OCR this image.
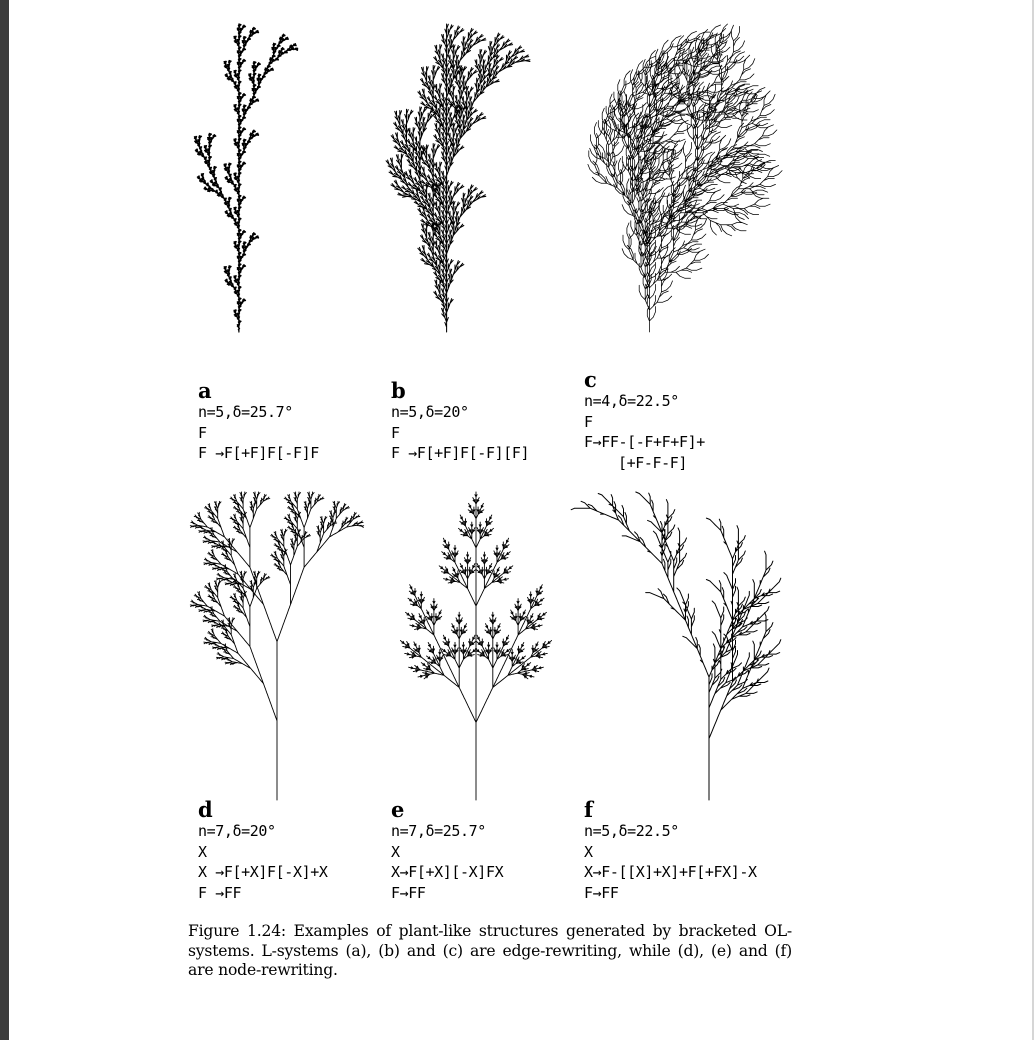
a
n=5,δ=25.7°
F
F →F[+F]F[-F]F
b
n=5,δ=20°
F
F →F[+F]F[-F][F]
c
n=4,δ=22.5°
F
F→FF-[-F+F+F]+
[+F-F-F]
d
n=7,δ=20°
X
X →F[+X]F[-X]+X
F →FF
e
n=7,δ=25.7°
X
X→F[+X][-X]FX
F→FF
f
n=5,δ=22.5°
X
X→F-[[X]+X]+F[+FX]-X
F→FF
Figure 1.24: Examples of plant-like structures generated by bracketed OL-systems. L-systems (a), (b) and (c) are edge-rewriting, while (d), (e) and (f) are node-rewriting.
